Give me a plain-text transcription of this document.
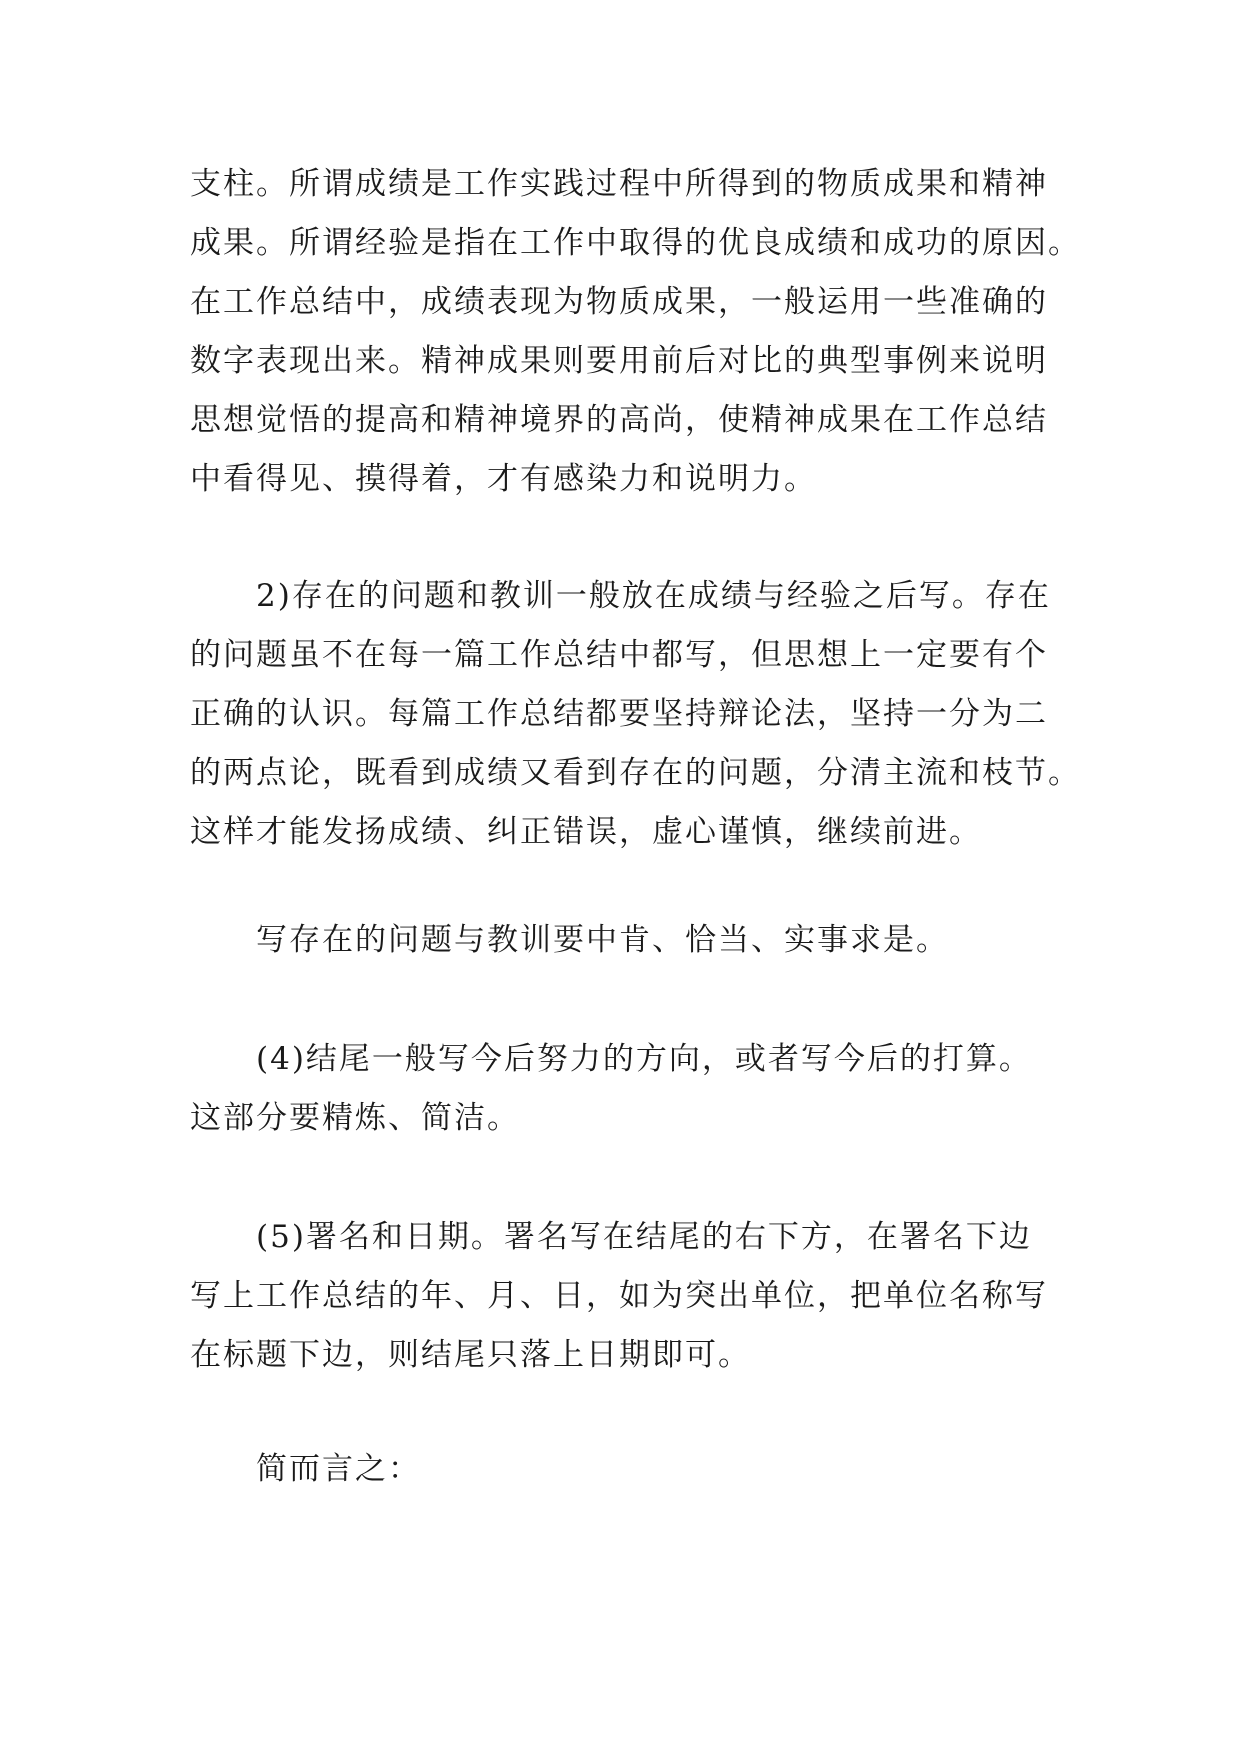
支柱。所谓成绩是工作实践过程中所得到的物质成果和精神
成果。所谓经验是指在工作中取得的优良成绩和成功的原因。
在工作总结中，成绩表现为物质成果，一般运用一些准确的
数字表现出来。精神成果则要用前后对比的典型事例来说明
思想觉悟的提高和精神境界的高尚，使精神成果在工作总结
中看得见、摸得着，才有感染力和说明力。
2)存在的问题和教训一般放在成绩与经验之后写。存在
的问题虽不在每一篇工作总结中都写，但思想上一定要有个
正确的认识。每篇工作总结都要坚持辩论法，坚持一分为二
的两点论，既看到成绩又看到存在的问题，分清主流和枝节。
这样才能发扬成绩、纠正错误，虚心谨慎，继续前进。
写存在的问题与教训要中肯、恰当、实事求是。
(4)结尾一般写今后努力的方向，或者写今后的打算。
这部分要精炼、简洁。
(5)署名和日期。署名写在结尾的右下方，在署名下边
写上工作总结的年、月、日，如为突出单位，把单位名称写
在标题下边，则结尾只落上日期即可。
简而言之：
